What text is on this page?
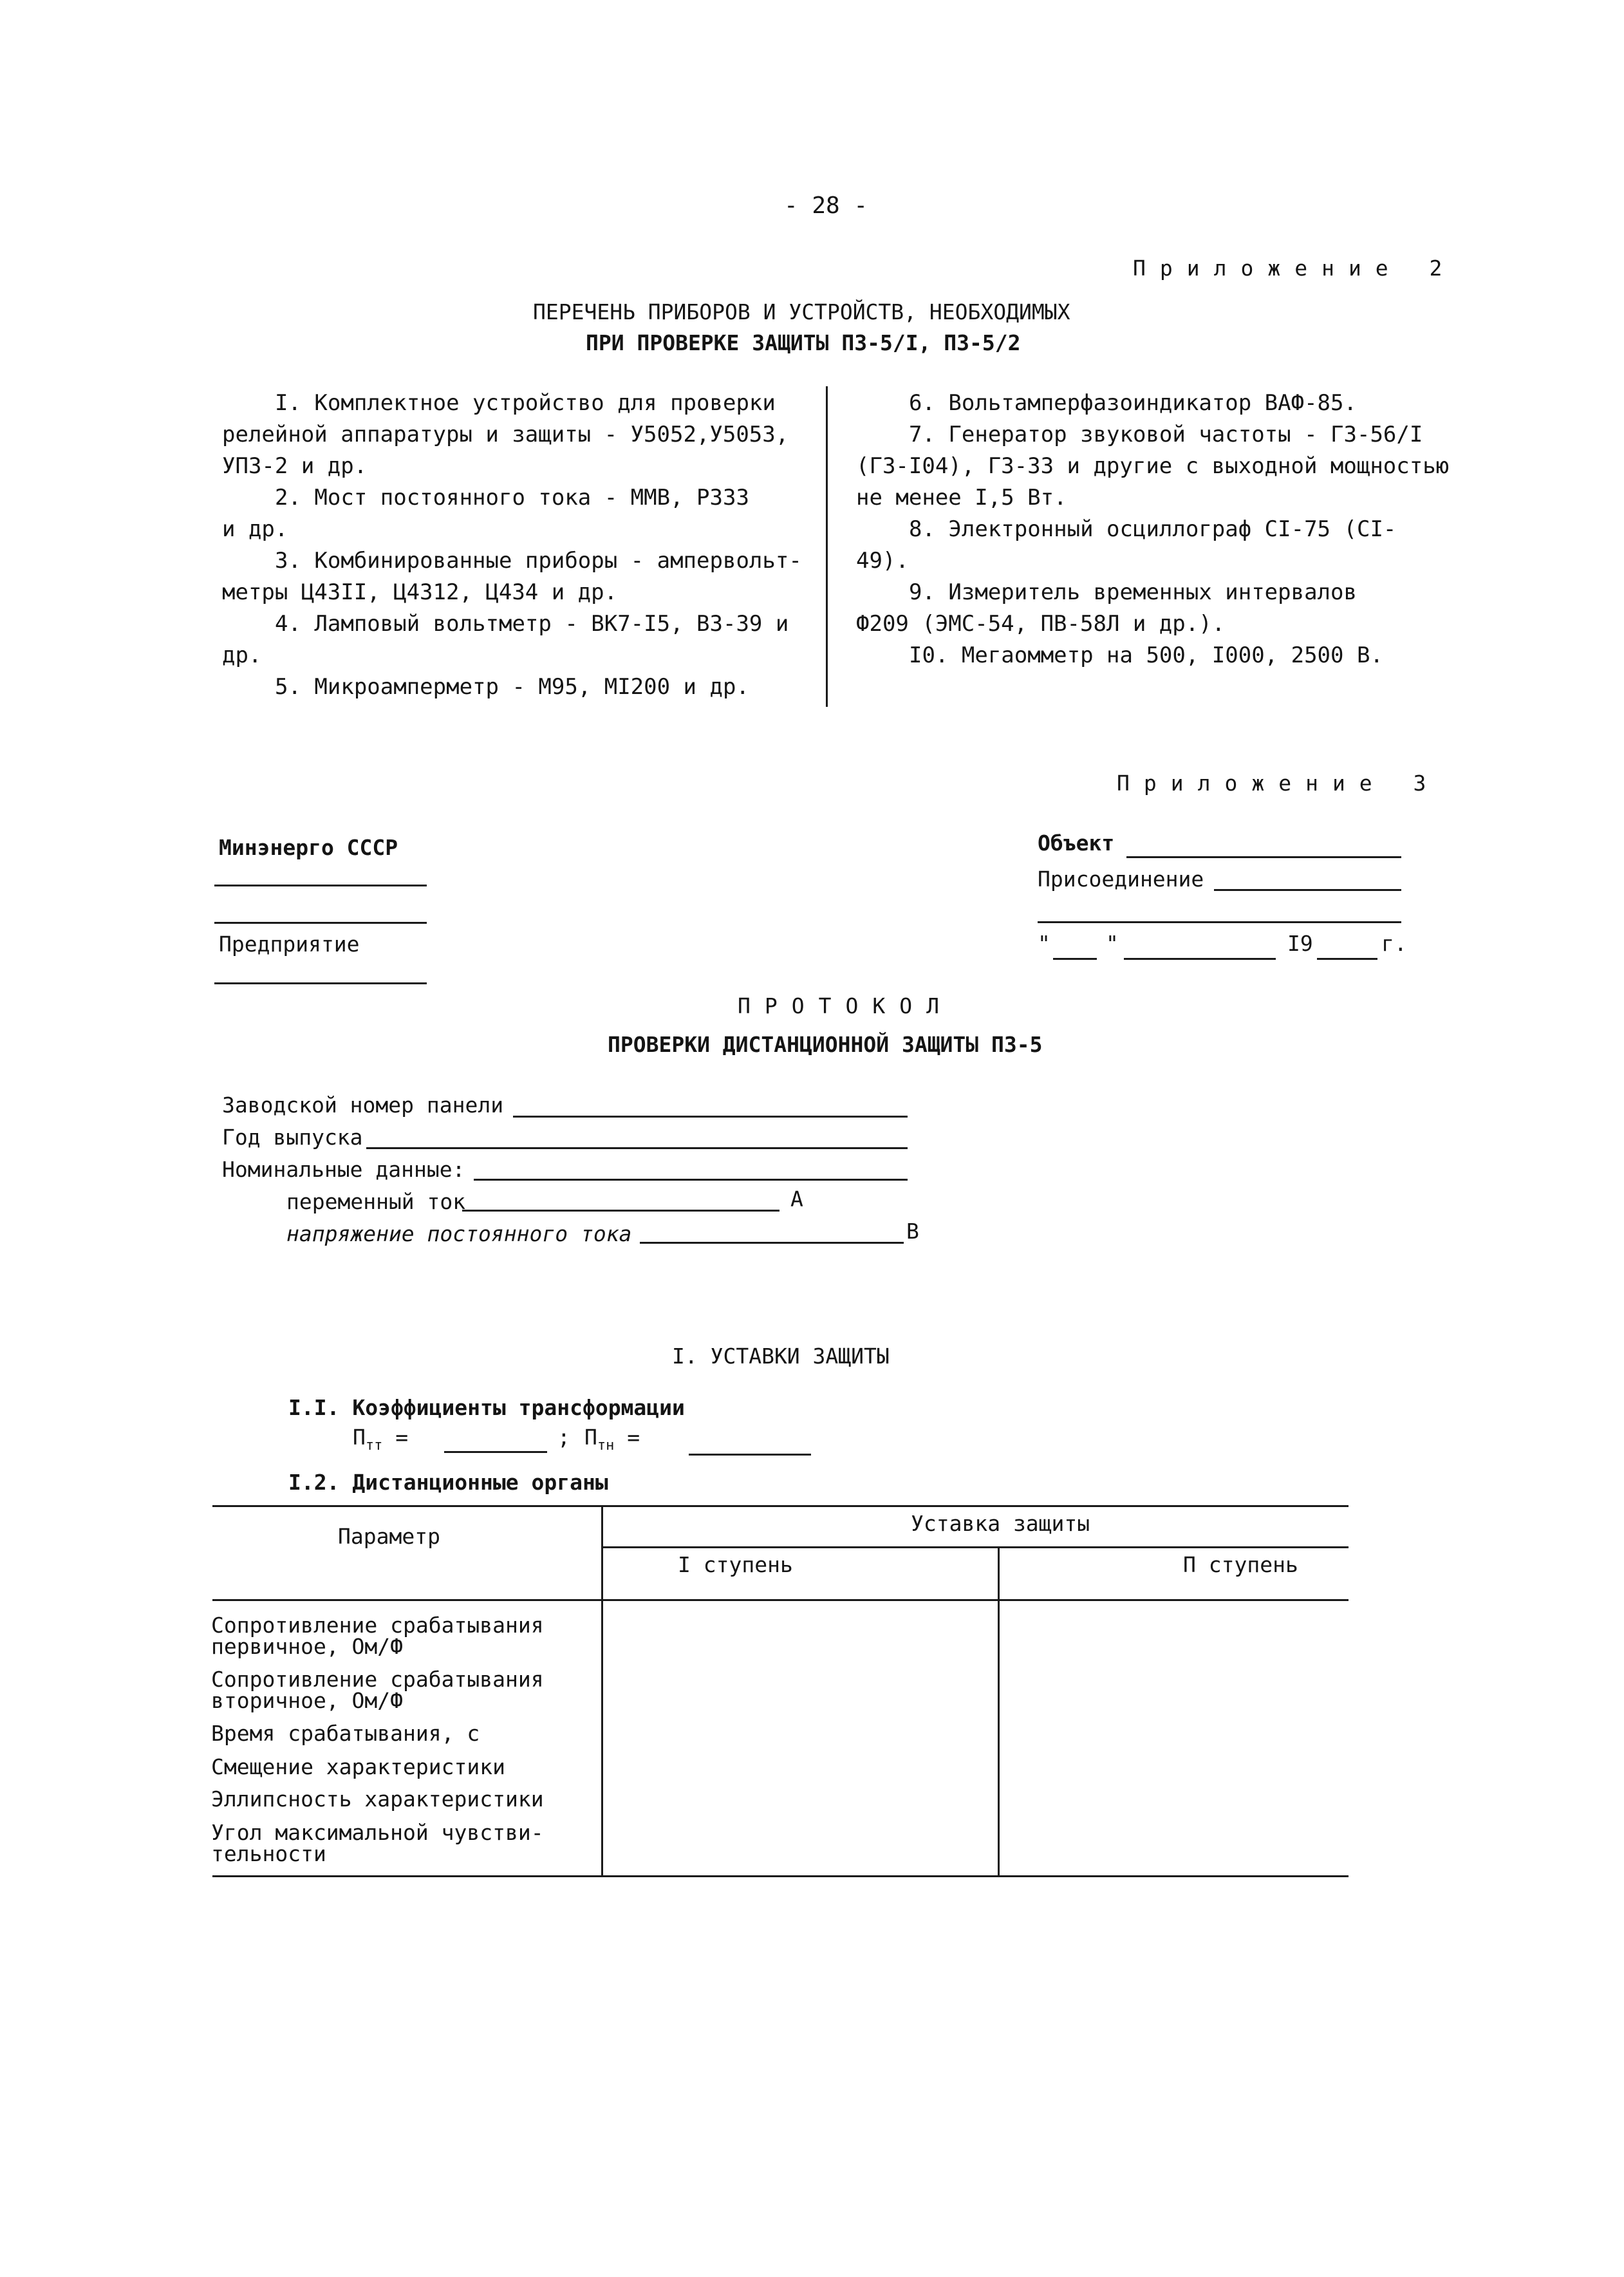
- 28 -
Приложение 2
ПЕРЕЧЕНЬ ПРИБОРОВ И УСТРОЙСТВ, НЕОБХОДИМЫХ
ПРИ ПРОВЕРКЕ ЗАЩИТЫ ПЗ-5/I, ПЗ-5/2
I. Комплектное устройство для проверки
релейной аппаратуры и защиты - У5052,У5053,
УПЗ-2 и др.
2. Мост постоянного тока - ММВ, Р333
и др.
3. Комбинированные приборы - ампервольт-
метры Ц43II, Ц4312, Ц434 и др.
4. Ламповый вольтметр - ВК7-I5, В3-39 и
др.
5. Микроамперметр - М95, МI200 и др.
6. Вольтамперфазоиндикатор ВАФ-85.
7. Генератор звуковой частоты - Г3-56/I
(Г3-I04), Г3-33 и другие с выходной мощностью
не менее I,5 Вт.
8. Электронный осциллограф СI-75 (СI-
49).
9. Измеритель временных интервалов
Ф209 (ЭМС-54, ПВ-58Л и др.).
I0. Мегаомметр на 500, I000, 2500 В.
Приложение 3
Минэнерго СССР
Предприятие
Объект
Присоединение
"	"	I9	г.
ПРОТОКОЛ
ПРОВЕРКИ ДИСТАНЦИОННОЙ ЗАЩИТЫ ПЗ-5
Заводской номер панели
Год выпуска
Номинальные данные:
переменный ток	А
напряжение постоянного тока	В
I. УСТАВКИ ЗАЩИТЫ
I.I. Коэффициенты трансформации
$П_{тт}$ =	; $П_{тн}$ =
I.2. Дистанционные органы
Параметр
Уставка защиты
I ступень	П ступень
Сопротивление срабатывания
первичное, Ом/Ф
Сопротивление срабатывания
вторичное, Ом/Ф
Время срабатывания, с
Смещение характеристики
Эллипсность характеристики
Угол максимальной чувстви-
тельности
